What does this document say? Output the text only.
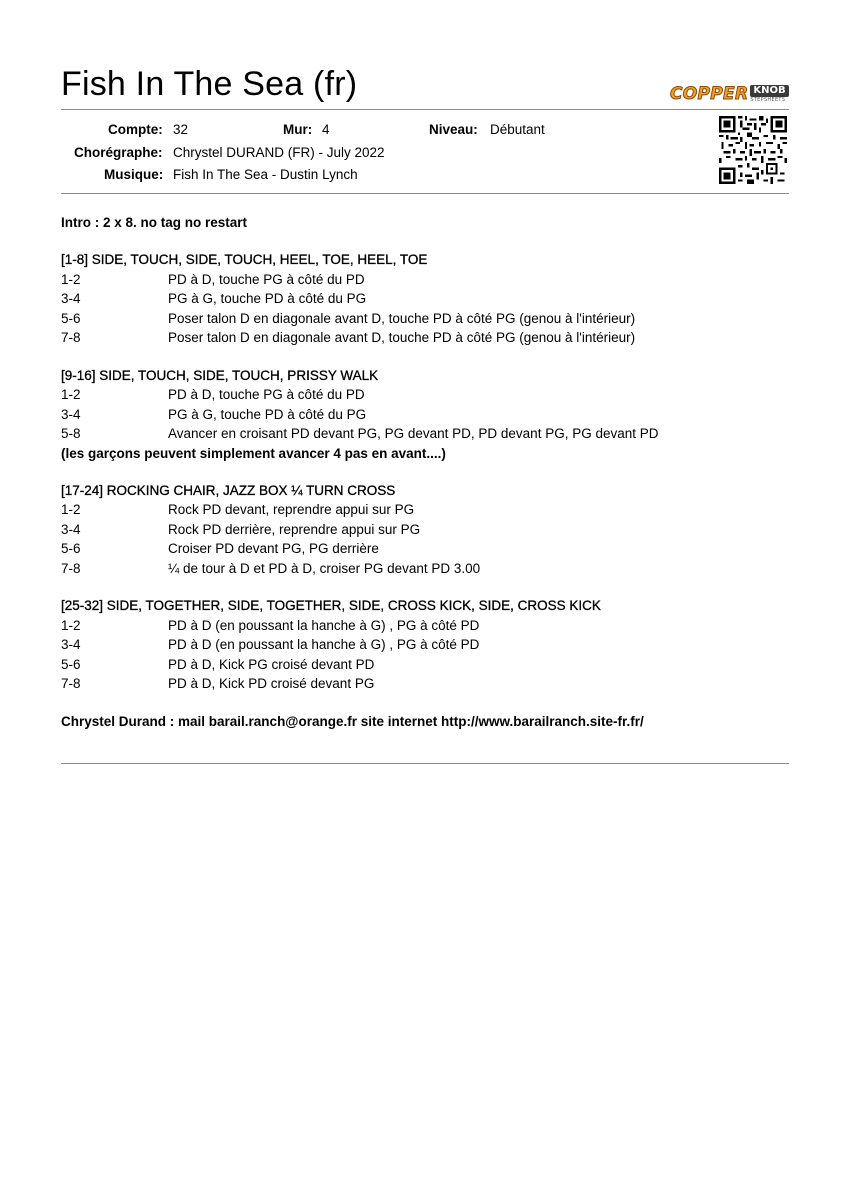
Fish In The Sea (fr)	COPPER KNOB
STEPSHEETS
Compte: 32	Mur: 4	Niveau: Débutant
Chorégraphe: Chrystel DURAND (FR) - July 2022
Musique: Fish In The Sea - Dustin Lynch

Intro : 2 x 8. no tag no restart

[1-8] SIDE, TOUCH, SIDE, TOUCH, HEEL, TOE, HEEL, TOE
1-2	PD à D, touche PG à côté du PD
3-4	PG à G, touche PD à côté du PG
5-6	Poser talon D en diagonale avant D, touche PD à côté PG (genou à l'intérieur)
7-8	Poser talon D en diagonale avant D, touche PD à côté PG (genou à l'intérieur)
[9-16] SIDE, TOUCH, SIDE, TOUCH, PRISSY WALK
1-2	PD à D, touche PG à côté du PD
3-4	PG à G, touche PD à côté du PG
5-8	Avancer en croisant PD devant PG, PG devant PD, PD devant PG, PG devant PD
(les garçons peuvent simplement avancer 4 pas en avant....)
[17-24] ROCKING CHAIR, JAZZ BOX ¼ TURN CROSS
1-2	Rock PD devant, reprendre appui sur PG
3-4	Rock PD derrière, reprendre appui sur PG
5-6	Croiser PD devant PG, PG derrière
7-8	¼ de tour à D et PD à D, croiser PG devant PD 3.00
[25-32] SIDE, TOGETHER, SIDE, TOGETHER, SIDE, CROSS KICK, SIDE, CROSS KICK
1-2	PD à D (en poussant la hanche à G) , PG à côté PD
3-4	PD à D (en poussant la hanche à G) , PG à côté PD
5-6	PD à D, Kick PG croisé devant PD
7-8	PD à D, Kick PD croisé devant PG
Chrystel Durand : mail barail.ranch@orange.fr site internet http://www.barailranch.site-fr.fr/
